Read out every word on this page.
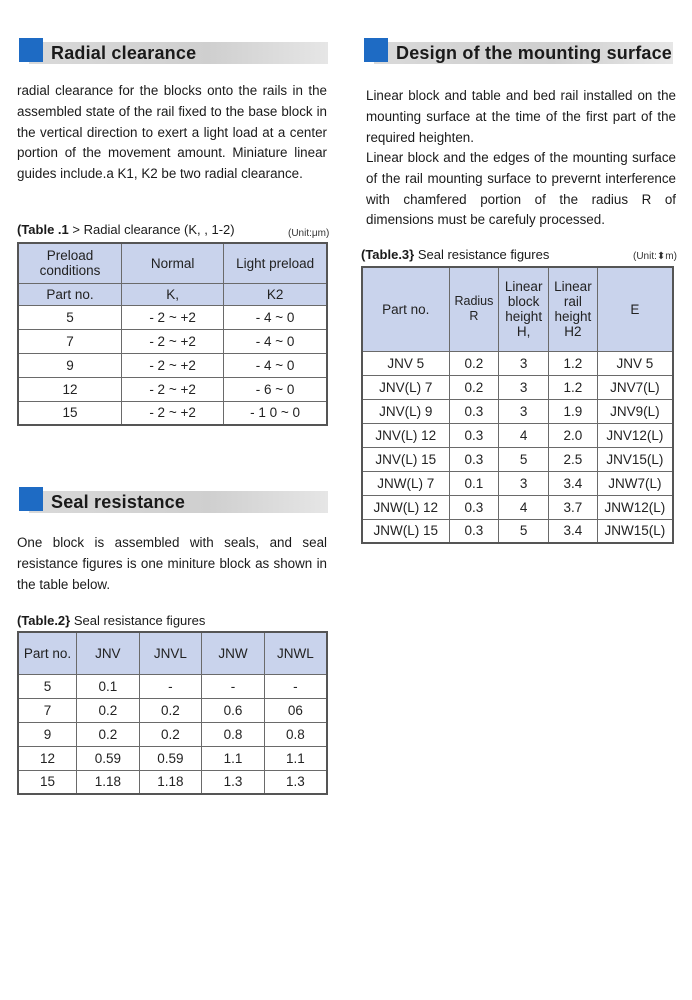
Radial clearance
radial clearance for the blocks onto the rails in the assembled state of the rail fixed to the base block in the vertical direction to exert a light load at a center portion of the movement amount. Miniature linear guides include.a K1, K2 be two radial clearance.
(Table .1 > Radial clearance (K, , 1-2)	(Unit:μm)
Preload conditions	Normal	Light preload
Part no.	K,	K2
5	- 2 ~ +2	- 4 ~ 0
7	- 2 ~ +2	- 4 ~ 0
9	- 2 ~ +2	- 4 ~ 0
12	- 2 ~ +2	- 6 ~ 0
15	- 2 ~ +2	- 1 0 ~ 0
Seal resistance
One block is assembled with seals, and seal resistance figures is one miniture block as shown in the table below.
(Table.2} Seal resistance figures
Part no.	JNV	JNVL	JNW	JNWL
5	0.1	-	-	-
7	0.2	0.2	0.6	06
9	0.2	0.2	0.8	0.8
12	0.59	0.59	1.1	1.1
15	1.18	1.18	1.3	1.3
Design of the mounting surface
Linear block and table and bed rail installed on the mounting surface at the time of the first part of the required heighten.
Linear block and the edges of the mounting surface of the rail mounting surface to prevernt interference with chamfered portion of the radius R of dimensions must be carefuly processed.
(Table.3} Seal resistance figures	(Unit:⬍m)
Part no.	Radius R	Linear block height H,	Linear rail height H2	E
JNV 5	0.2	3	1.2	JNV 5
JNV(L) 7	0.2	3	1.2	JNV7(L)
JNV(L) 9	0.3	3	1.9	JNV9(L)
JNV(L) 12	0.3	4	2.0	JNV12(L)
JNV(L) 15	0.3	5	2.5	JNV15(L)
JNW(L) 7	0.1	3	3.4	JNW7(L)
JNW(L) 12	0.3	4	3.7	JNW12(L)
JNW(L) 15	0.3	5	3.4	JNW15(L)
